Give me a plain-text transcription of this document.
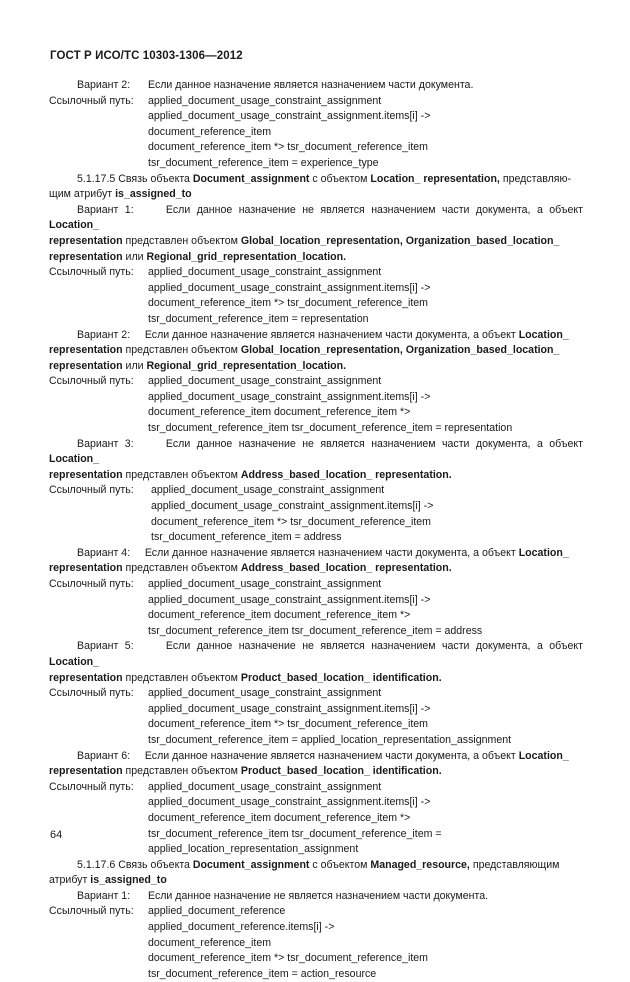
ГОСТ Р ИСО/ТС 10303-1306—2012
Вариант 2:	Если данное назначение является назначением части документа.
Ссылочный путь:	applied_document_usage_constraint_assignment
applied_document_usage_constraint_assignment.items[i] ->
document_reference_item
document_reference_item *> tsr_document_reference_item
tsr_document_reference_item = experience_type
5.1.17.5 Связь объекта Document_assignment с объектом Location_ representation, представляю-
щим атрибут is_assigned_to
Вариант 1:	Если данное назначение не является назначением части документа, а объект Location_
representation представлен объектом Global_location_representation, Organization_based_location_
representation или Regional_grid_representation_location.
Ссылочный путь:	applied_document_usage_constraint_assignment
applied_document_usage_constraint_assignment.items[i] ->
document_reference_item *> tsr_document_reference_item
tsr_document_reference_item = representation
Вариант 2: Если данное назначение является назначением части документа, а объект Location_
representation представлен объектом Global_location_representation, Organization_based_location_
representation или Regional_grid_representation_location.
Ссылочный путь:	applied_document_usage_constraint_assignment
applied_document_usage_constraint_assignment.items[i] ->
document_reference_item document_reference_item *>
tsr_document_reference_item tsr_document_reference_item = representation
Вариант 3:	Если данное назначение не является назначением части документа, а объект Location_
representation представлен объектом Address_based_location_ representation.
Ссылочный путь:	applied_document_usage_constraint_assignment
applied_document_usage_constraint_assignment.items[i] ->
document_reference_item *> tsr_document_reference_item
tsr_document_reference_item = address
Вариант 4: Если данное назначение является назначением части документа, а объект Location_
representation представлен объектом Address_based_location_ representation.
Ссылочный путь:	applied_document_usage_constraint_assignment
applied_document_usage_constraint_assignment.items[i] ->
document_reference_item document_reference_item *>
tsr_document_reference_item tsr_document_reference_item = address
Вариант 5:	Если данное назначение не является назначением части документа, а объект Location_
representation представлен объектом Product_based_location_ identification.
Ссылочный путь:	applied_document_usage_constraint_assignment
applied_document_usage_constraint_assignment.items[i] ->
document_reference_item *> tsr_document_reference_item
tsr_document_reference_item = applied_location_representation_assignment
Вариант 6: Если данное назначение является назначением части документа, а объект Location_
representation представлен объектом Product_based_location_ identification.
Ссылочный путь:	applied_document_usage_constraint_assignment
applied_document_usage_constraint_assignment.items[i] ->
document_reference_item document_reference_item *>
tsr_document_reference_item tsr_document_reference_item =
applied_location_representation_assignment
5.1.17.6 Связь объекта Document_assignment с объектом Managed_resource, представляющим
атрибут is_assigned_to
Вариант 1:	Если данное назначение не является назначением части документа.
Ссылочный путь:	applied_document_reference
applied_document_reference.items[i] ->
document_reference_item
document_reference_item *> tsr_document_reference_item
tsr_document_reference_item = action_resource
64
